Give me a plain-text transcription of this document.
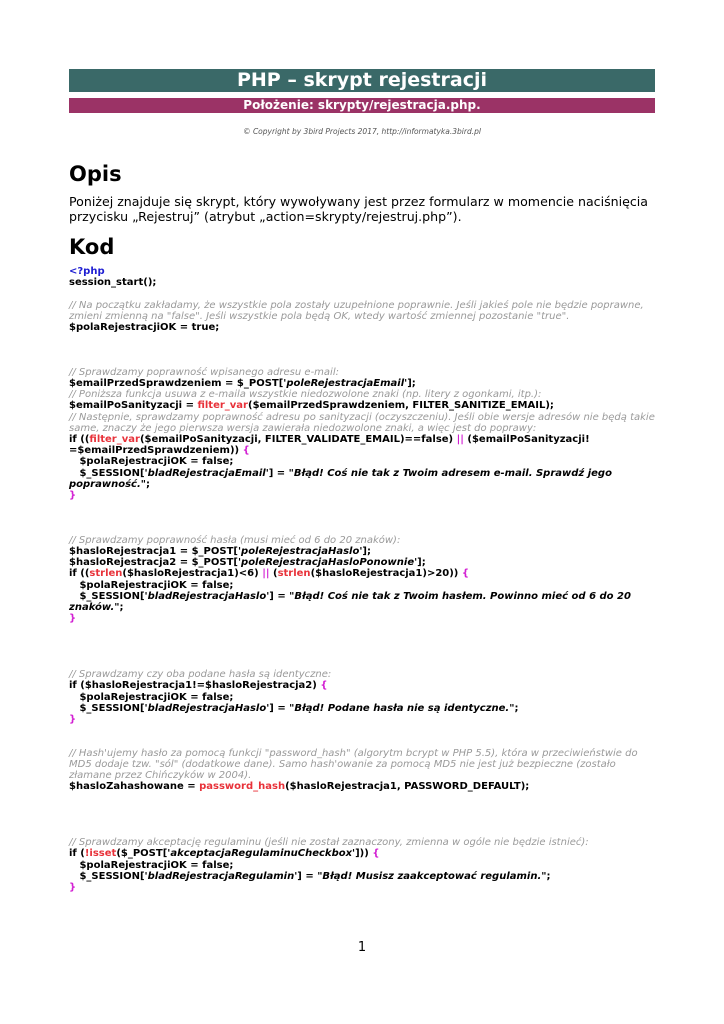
PHP – skrypt rejestracji
Położenie: skrypty/rejestracja.php.
© Copyright by 3bird Projects 2017, http://informatyka.3bird.pl
Opis

Poniżej znajduje się skrypt, który wywoływany jest przez formularz w momencie naciśnięcia przycisku „Rejestruj” (atrybut „action=skrypty/rejestruj.php”).

Kod
<?php
session_start();
// Na początku zakładamy, że wszystkie pola zostały uzupełnione poprawnie. Jeśli jakieś pole nie będzie poprawne, zmieni zmienną na "false". Jeśli wszystkie pola będą OK, wtedy wartość zmiennej pozostanie "true".
$polaRejestracjiOK = true;
// Sprawdzamy poprawność wpisanego adresu e-mail:
$emailPrzedSprawdzeniem = $_POST['poleRejestracjaEmail'];
// Poniższa funkcja usuwa z e-maila wszystkie niedozwolone znaki (np. litery z ogonkami, itp.):
$emailPoSanityzacji = filter_var($emailPrzedSprawdzeniem, FILTER_SANITIZE_EMAIL);
// Następnie, sprawdzamy poprawność adresu po sanityzacji (oczyszczeniu). Jeśli obie wersje adresów nie będą takie same, znaczy że jego pierwsza wersja zawierała niedozwolone znaki, a więc jest do poprawy:
if ((filter_var($emailPoSanityzacji, FILTER_VALIDATE_EMAIL)==false) || ($emailPoSanityzacji! =$emailPrzedSprawdzeniem)) {
$polaRejestracjiOK = false;
$_SESSION['bladRejestracjaEmail'] = "Błąd! Coś nie tak z Twoim adresem e-mail. Sprawdź jego poprawność.";
}
// Sprawdzamy poprawność hasła (musi mieć od 6 do 20 znaków):
$hasloRejestracja1 = $_POST['poleRejestracjaHaslo'];
$hasloRejestracja2 = $_POST['poleRejestracjaHasloPonownie'];
if ((strlen($hasloRejestracja1)<6) || (strlen($hasloRejestracja1)>20)) {
$polaRejestracjiOK = false;
$_SESSION['bladRejestracjaHaslo'] = "Błąd! Coś nie tak z Twoim hasłem. Powinno mieć od 6 do 20 znaków.";
}
// Sprawdzamy czy oba podane hasła są identyczne:
if ($hasloRejestracja1!=$hasloRejestracja2) {
$polaRejestracjiOK = false;
$_SESSION['bladRejestracjaHaslo'] = "Błąd! Podane hasła nie są identyczne.";
}
// Hash'ujemy hasło za pomocą funkcji "password_hash" (algorytm bcrypt w PHP 5.5), która w przeciwieństwie do MD5 dodaje tzw. "sól" (dodatkowe dane). Samo hash'owanie za pomocą MD5 nie jest już bezpieczne (zostało złamane przez Chińczyków w 2004).
$hasloZahashowane = password_hash($hasloRejestracja1, PASSWORD_DEFAULT);
// Sprawdzamy akceptację regulaminu (jeśli nie został zaznaczony, zmienna w ogóle nie będzie istnieć):
if (!isset($_POST['akceptacjaRegulaminuCheckbox'])) {
$polaRejestracjiOK = false;
$_SESSION['bladRejestracjaRegulamin'] = "Błąd! Musisz zaakceptować regulamin.";
}
1
